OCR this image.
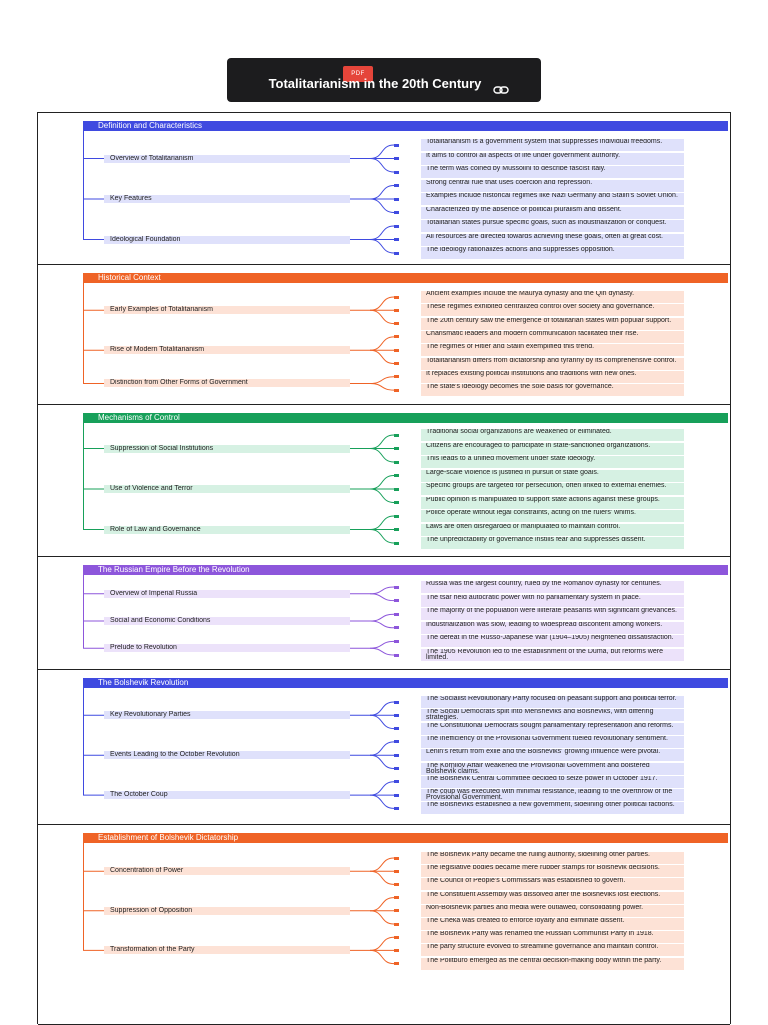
PDF
Totalitarianism in the 20th Century
Definition and Characteristics
Overview of Totalitarianism
Totalitarianism is a government system that suppresses individual freedoms.
It aims to control all aspects of life under government authority.
The term was coined by Mussolini to describe fascist Italy.
Key Features
Strong central rule that uses coercion and repression.
Examples include historical regimes like Nazi Germany and Stalin's Soviet Union.
Characterized by the absence of political pluralism and dissent.
Ideological Foundation
Totalitarian states pursue specific goals, such as industrialization or conquest.
All resources are directed towards achieving these goals, often at great cost.
The ideology rationalizes actions and suppresses opposition.
Historical Context
Early Examples of Totalitarianism
Ancient examples include the Maurya dynasty and the Qin dynasty.
These regimes exhibited centralized control over society and governance.
The 20th century saw the emergence of totalitarian states with popular support.
Rise of Modern Totalitarianism
Charismatic leaders and modern communication facilitated their rise.
The regimes of Hitler and Stalin exemplified this trend.
Totalitarianism differs from dictatorship and tyranny by its comprehensive control.
Distinction from Other Forms of Government
It replaces existing political institutions and traditions with new ones.
The state's ideology becomes the sole basis for governance.
Mechanisms of Control
Suppression of Social Institutions
Traditional social organizations are weakened or eliminated.
Citizens are encouraged to participate in state-sanctioned organizations.
This leads to a unified movement under state ideology.
Use of Violence and Terror
Large-scale violence is justified in pursuit of state goals.
Specific groups are targeted for persecution, often linked to external enemies.
Public opinion is manipulated to support state actions against these groups.
Role of Law and Governance
Police operate without legal constraints, acting on the rulers' whims.
Laws are often disregarded or manipulated to maintain control.
The unpredictability of governance instills fear and suppresses dissent.
The Russian Empire Before the Revolution
Overview of Imperial Russia
Russia was the largest country, ruled by the Romanov dynasty for centuries.
The tsar held autocratic power with no parliamentary system in place.
Social and Economic Conditions
The majority of the population were illiterate peasants with significant grievances.
Industrialization was slow, leading to widespread discontent among workers.
Prelude to Revolution
The defeat in the Russo-Japanese War (1904–1905) heightened dissatisfaction.
The 1905 Revolution led to the establishment of the Duma, but reforms were limited.
The Bolshevik Revolution
Key Revolutionary Parties
The Socialist Revolutionary Party focused on peasant support and political terror.
The Social Democrats split into Mensheviks and Bolsheviks, with differing strategies.
The Constitutional Democrats sought parliamentary representation and reforms.
Events Leading to the October Revolution
The inefficiency of the Provisional Government fueled revolutionary sentiment.
Lenin's return from exile and the Bolsheviks' growing influence were pivotal.
The Kornilov Affair weakened the Provisional Government and bolstered Bolshevik claims.
The October Coup
The Bolshevik Central Committee decided to seize power in October 1917.
The coup was executed with minimal resistance, leading to the overthrow of the Provisional Government.
The Bolsheviks established a new government, sidelining other political factions.
Establishment of Bolshevik Dictatorship
Concentration of Power
The Bolshevik Party became the ruling authority, sidelining other parties.
The legislative bodies became mere rubber stamps for Bolshevik decisions.
The Council of People's Commissars was established to govern.
Suppression of Opposition
The Constituent Assembly was dissolved after the Bolsheviks lost elections.
Non-Bolshevik parties and media were outlawed, consolidating power.
The Cheka was created to enforce loyalty and eliminate dissent.
Transformation of the Party
The Bolshevik Party was renamed the Russian Communist Party in 1918.
The party structure evolved to streamline governance and maintain control.
The Politburo emerged as the central decision-making body within the party.
